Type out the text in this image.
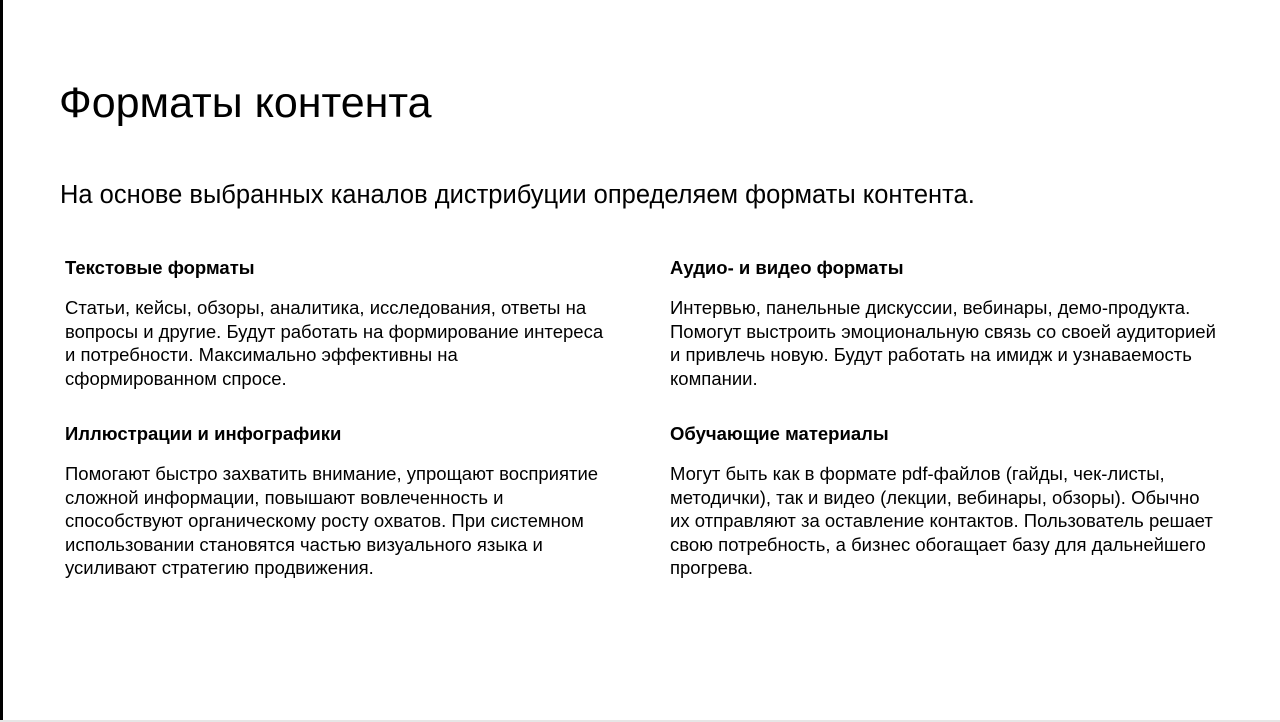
Форматы контента

На основе выбранных каналов дистрибуции определяем форматы контента.

Текстовые форматы

Статьи, кейсы, обзоры, аналитика, исследования, ответы на
вопросы и другие. Будут работать на формирование интереса
и потребности. Максимально эффективны на
сформированном спросе.

Аудио- и видео форматы

Интервью, панельные дискуссии, вебинары, демо-продукта.
Помогут выстроить эмоциональную связь со своей аудиторией
и привлечь новую. Будут работать на имидж и узнаваемость
компании.

Иллюстрации и инфографики

Помогают быстро захватить внимание, упрощают восприятие
сложной информации, повышают вовлеченность и
способствуют органическому росту охватов. При системном
использовании становятся частью визуального языка и
усиливают стратегию продвижения.

Обучающие материалы

Могут быть как в формате pdf-файлов (гайды, чек-листы,
методички), так и видео (лекции, вебинары, обзоры). Обычно
их отправляют за оставление контактов. Пользователь решает
свою потребность, а бизнес обогащает базу для дальнейшего
прогрева.
